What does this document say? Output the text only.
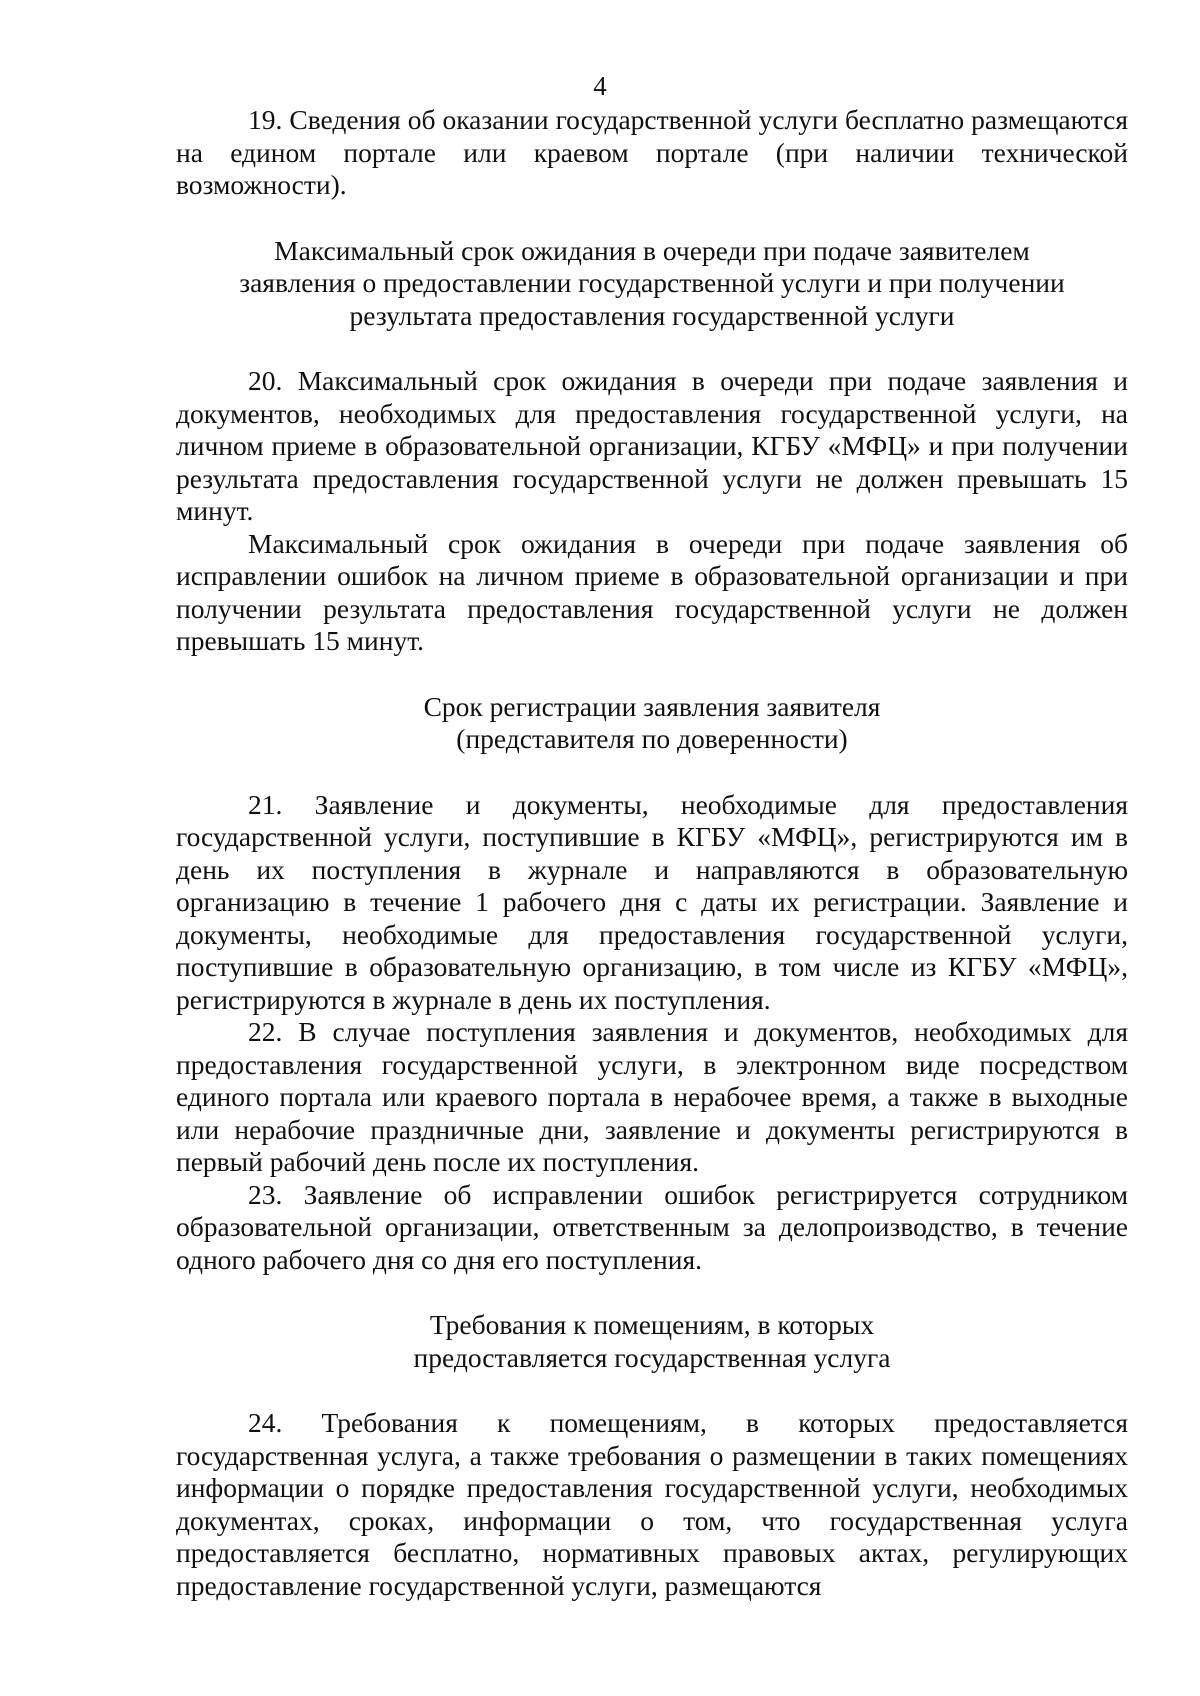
4

19. Сведения об оказании государственной услуги бесплатно размещаются на едином портале или краевом портале (при наличии технической возможности).

Максимальный срок ожидания в очереди при подаче заявителем заявления о предоставлении государственной услуги и при получении результата предоставления государственной услуги

20. Максимальный срок ожидания в очереди при подаче заявления и документов, необходимых для предоставления государственной услуги, на личном приеме в образовательной организации, КГБУ «МФЦ» и при получении результата предоставления государственной услуги не должен превышать 15 минут.

Максимальный срок ожидания в очереди при подаче заявления об исправлении ошибок на личном приеме в образовательной организации и при получении результата предоставления государственной услуги не должен превышать 15 минут.

Срок регистрации заявления заявителя (представителя по доверенности)

21. Заявление и документы, необходимые для предоставления государственной услуги, поступившие в КГБУ «МФЦ», регистрируются им в день их поступления в журнале и направляются в образовательную организацию в течение 1 рабочего дня с даты их регистрации. Заявление и документы, необходимые для предоставления государственной услуги, поступившие в образовательную организацию, в том числе из КГБУ «МФЦ», регистрируются в журнале в день их поступления.

22. В случае поступления заявления и документов, необходимых для предоставления государственной услуги, в электронном виде посредством единого портала или краевого портала в нерабочее время, а также в выходные или нерабочие праздничные дни, заявление и документы регистрируются в первый рабочий день после их поступления.

23. Заявление об исправлении ошибок регистрируется сотрудником образовательной организации, ответственным за делопроизводство, в течение одного рабочего дня со дня его поступления.

Требования к помещениям, в которых предоставляется государственная услуга

24. Требования к помещениям, в которых предоставляется государственная услуга, а также требования о размещении в таких помещениях информации о порядке предоставления государственной услуги, необходимых документах, сроках, информации о том, что государственная услуга предоставляется бесплатно, нормативных правовых актах, регулирующих предоставление государственной услуги, размещаются
